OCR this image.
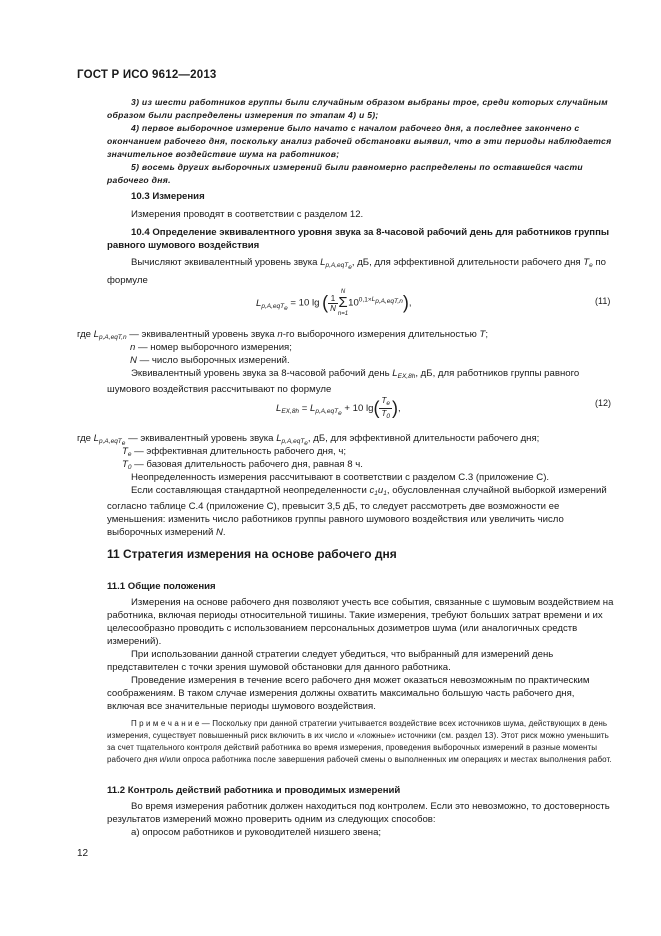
ГОСТ Р ИСО 9612—2013

3) из шести работников группы были случайным образом выбраны трое, среди которых случайным образом были распределены измерения по этапам 4) и 5);

4) первое выборочное измерение было начато с началом рабочего дня, а последнее закончено с окончанием рабочего дня, поскольку анализ рабочей обстановки выявил, что в эти периоды наблюдается значительное воздействие шума на работников;

5) восемь других выборочных измерений были равномерно распределены по оставшейся части рабочего дня.

10.3 Измерения

Измерения проводят в соответствии с разделом 12.

10.4 Определение эквивалентного уровня звука за 8-часовой рабочий день для работников группы равного шумового воздействия

Вычисляют эквивалентный уровень звука $L_{p,A,eqT_e}$, дБ, для эффективной длительности рабочего дня $T_e$ по формуле

$L_{p,A,eqT_e} = 10$ lg ( $\frac{1}{N}$
N
Σ
n=1
$10^{0,1\times L_{p,A,eqT,n}}$),	(11)

где $L_{p,A,eqT,n}$ — эквивалентный уровень звука n-го выборочного измерения длительностью T;

n — номер выборочного измерения;

N — число выборочных измерений.

Эквивалентный уровень звука за 8-часовой рабочий день $L_{EX,8h}$, дБ, для работников группы равного шумового воздействия рассчитывают по формуле

$L_{EX,8h} = L_{p,A,eqT_e} + 10$ $\lg( \frac{T_e}{T_0}$ ),
(12)

где $L_{p,A,eqT_e}$ — эквивалентный уровень звука $L_{p,A,eqT_e}$, дБ, для эффективной длительности рабочего дня;

$T_e$ — эффективная длительность рабочего дня, ч;

$T_0$ — базовая длительность рабочего дня, равная 8 ч.

Неопределенность измерения рассчитывают в соответствии с разделом С.3 (приложение С).

Если составляющая стандартной неопределенности $c_1u_1$, обусловленная случайной выборкой измерений согласно таблице С.4 (приложение С), превысит 3,5 дБ, то следует рассмотреть две возможности ее уменьшения: изменить число работников группы равного шумового воздействия или увеличить число выборочных измерений N.

11 Стратегия измерения на основе рабочего дня

11.1 Общие положения

Измерения на основе рабочего дня позволяют учесть все события, связанные с шумовым воздействием на работника, включая периоды относительной тишины. Такие измерения, требуют больших затрат времени и их целесообразно проводить с использованием персональных дозиметров шума (или аналогичных средств измерений).

При использовании данной стратегии следует убедиться, что выбранный для измерений день представителен с точки зрения шумовой обстановки для данного работника.

Проведение измерения в течение всего рабочего дня может оказаться невозможным по практическим соображениям. В таком случае измерения должны охватить максимально большую часть рабочего дня, включая все значительные периоды шумового воздействия.

П р и м е ч а н и е — Поскольку при данной стратегии учитывается воздействие всех источников шума, действующих в день измерения, существует повышенный риск включить в их число и «ложные» источники (см. раздел 13). Этот риск можно уменьшить за счет тщательного контроля действий работника во время измерения, проведения выборочных измерений в разные моменты рабочего дня и/или опроса работника после завершения рабочей смены о выполненных им операциях и местах выполнения работ.

11.2 Контроль действий работника и проводимых измерений

Во время измерения работник должен находиться под контролем. Если это невозможно, то достоверность результатов измерений можно проверить одним из следующих способов:

а) опросом работников и руководителей низшего звена;

12
